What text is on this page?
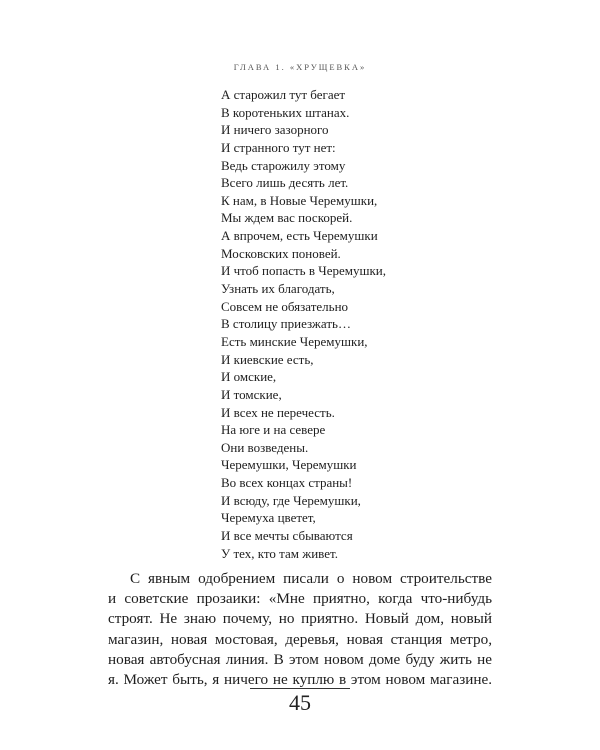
ГЛАВА 1. «ХРУЩЕВКА»
А старожил тут бегает
В коротеньких штанах.
И ничего зазорного
И странного тут нет:
Ведь старожилу этому
Всего лишь десять лет.
К нам, в Новые Черемушки,
Мы ждем вас поскорей.
А впрочем, есть Черемушки
Московских поновей.
И чтоб попасть в Черемушки,
Узнать их благодать,
Совсем не обязательно
В столицу приезжать…
Есть минские Черемушки,
И киевские есть,
И омские,
И томские,
И всех не перечесть.
На юге и на севере
Они возведены.
Черемушки, Черемушки
Во всех концах страны!
И всюду, где Черемушки,
Черемуха цветет,
И все мечты сбываются
У тех, кто там живет.
С явным одобрением писали о новом строительстве
и советские прозаики: «Мне приятно, когда что-нибудь
строят. Не знаю почему, но приятно. Новый дом, новый
магазин, новая мостовая, деревья, новая станция метро,
новая автобусная линия. В этом новом доме буду жить не
я. Может быть, я ничего не куплю в этом новом магазине.
45
